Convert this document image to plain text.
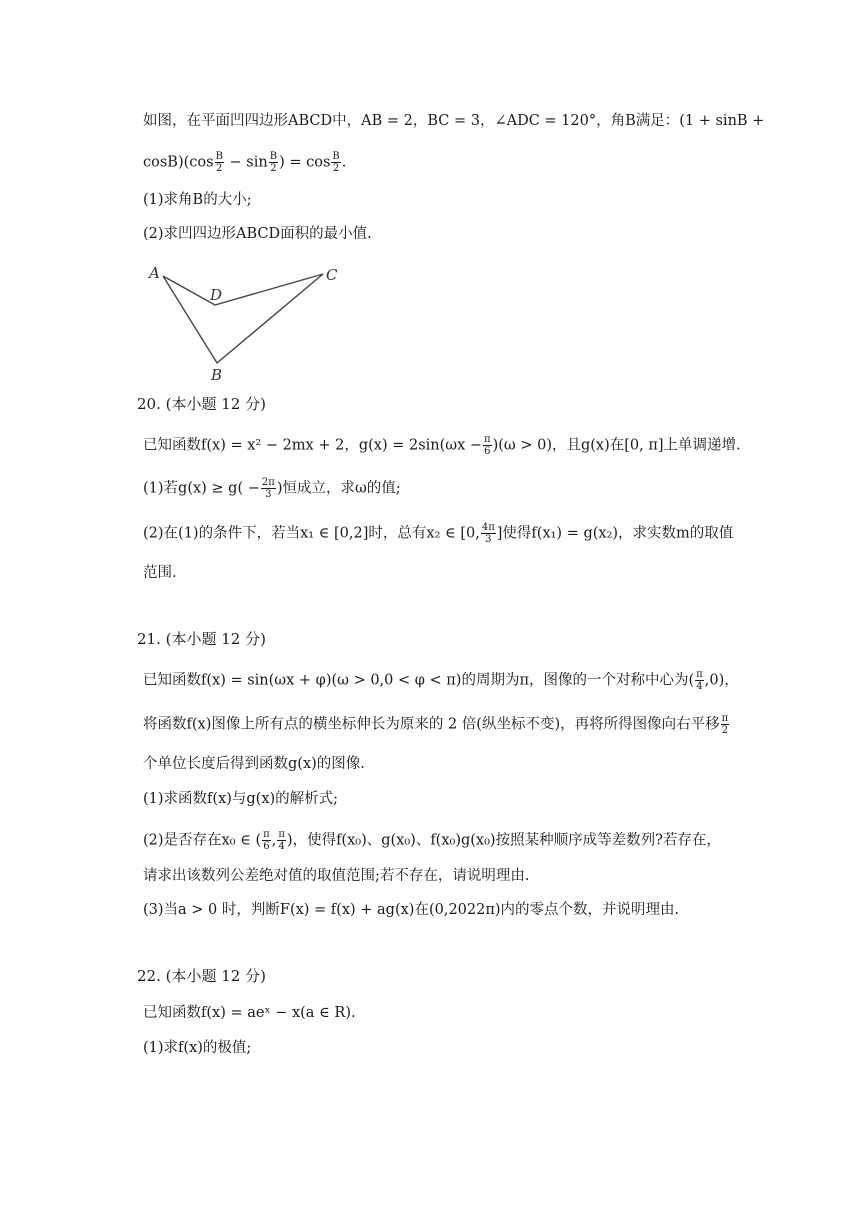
如图，在平面凹四边形ABCD中，AB = 2，BC = 3，∠ADC = 120°，角B满足：(1 + sinB +
$\cos B)(\cos \frac{B}{2} - \sin \frac{B}{2}$ ) = $\cos \frac{B}{2}$ .
(1)求角B的大小;
(2)求凹四边形ABCD面积的最小值.
A
D
C
B
20. (本小题 12 分)
已知函数f(x) = x² − 2mx + 2，$g(x) = 2\sin(\omega x - \frac{\pi}{6} )(\omega > 0)$，且g(x)在[0, π]上单调递增.
(1)若$g(x) \ge g( - \frac{2\pi}{3}$ )恒成立，求ω的值;
(2)在(1)的条件下，若当x₁ ∈ [0,2]时，总有x₂ ∈ [0, $\frac{4\pi}{3}$ ]使得f(x₁) = g(x₂)，求实数m的取值
范围.
21. (本小题 12 分)
已知函数f(x) = sin(ωx + φ)(ω > 0,0 < φ < π)的周期为π，图像的一个对称中心为( $\frac{\pi}{4} ,0$)，
将函数f(x)图像上所有点的横坐标伸长为原来的 2 倍(纵坐标不变)，再将所得图像向右平移 $\frac{\pi}{2}$
个单位长度后得到函数g(x)的图像.
(1)求函数f(x)与g(x)的解析式;
(2)是否存在x₀ ∈ ( $\frac{\pi}{6}$ , $\frac{\pi}{4}$ )，使得f(x₀)、g(x₀)、f(x₀)g(x₀)按照某种顺序成等差数列?若存在，
请求出该数列公差绝对值的取值范围;若不存在，请说明理由.
(3)当a > 0 时，判断F(x) = f(x) + ag(x)在(0,2022π)内的零点个数，并说明理由.
22. (本小题 12 分)
已知函数f(x) = aeˣ − x(a ∈ R).
(1)求f(x)的极值;
